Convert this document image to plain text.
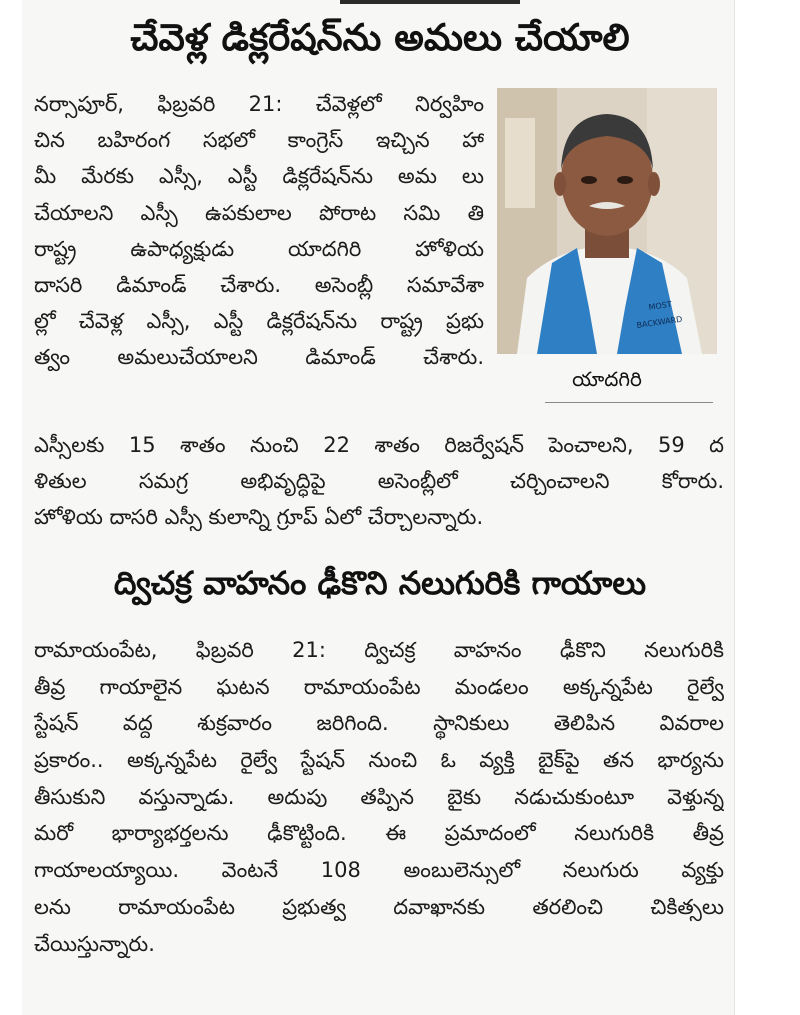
చేవెళ్ల డిక్లరేషన్‌ను అమలు చేయాలి
నర్సాపూర్, ఫిబ్రవరి 21: చేవెళ్లలో నిర్వహిం
చిన బహిరంగ సభలో కాంగ్రెస్ ఇచ్చిన హా
మీ మేరకు ఎస్సీ, ఎస్టీ డిక్లరేషన్‌ను అమ లు
చేయాలని ఎస్సీ ఉపకులాల పోరాట సమి తి
రాష్ట్ర ఉపాధ్యక్షుడు యాదగిరి హోళియ
దాసరి డిమాండ్ చేశారు. అసెంబ్లీ సమావేశా
ల్లో చేవెళ్ల ఎస్సీ, ఎస్టీ డిక్లరేషన్‌ను రాష్ట్ర ప్రభు
త్వం అమలుచేయాలని డిమాండ్ చేశారు.
MOST
BACKWARD
యాదగిరి
ఎస్సీలకు 15 శాతం నుంచి 22 శాతం రిజర్వేషన్ పెంచాలని, 59 ద
ళితుల సమగ్ర అభివృద్ధిపై అసెంబ్లీలో చర్చించాలని కోరారు.
హోళియ దాసరి ఎస్సీ కులాన్ని గ్రూప్ ఏలో చేర్చాలన్నారు.
ద్విచక్ర వాహనం ఢీకొని నలుగురికి గాయాలు
రామాయంపేట, ఫిబ్రవరి 21: ద్విచక్ర వాహనం ఢీకొని నలుగురికి
తీవ్ర గాయాలైన ఘటన రామాయంపేట మండలం అక్కన్నపేట రైల్వే
స్టేషన్ వద్ద శుక్రవారం జరిగింది. స్థానికులు తెలిపిన వివరాల
ప్రకారం.. అక్కన్నపేట రైల్వే స్టేషన్ నుంచి ఓ వ్యక్తి బైక్‌పై తన భార్యను
తీసుకుని వస్తున్నాడు. అదుపు తప్పిన బైకు నడుచుకుంటూ వెళ్తున్న
మరో భార్యాభర్తలను ఢీకొట్టింది. ఈ ప్రమాదంలో నలుగురికి తీవ్ర
గాయాలయ్యాయి. వెంటనే 108 అంబులెన్సులో నలుగురు వ్యక్తు
లను రామాయంపేట ప్రభుత్వ దవాఖానకు తరలించి చికిత్సలు
చేయిస్తున్నారు.
